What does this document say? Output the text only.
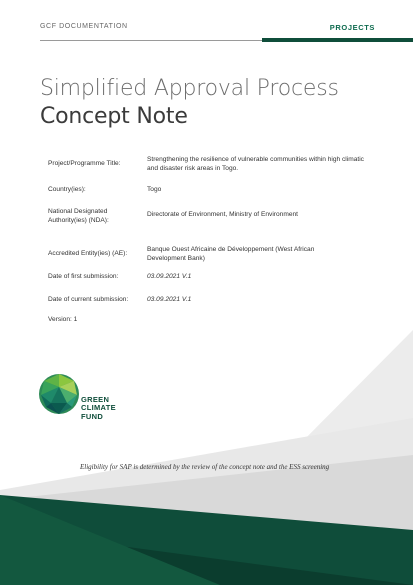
GCF DOCUMENTATION	PROJECTS
Simplified Approval Process
Concept Note
Project/Programme Title:
Strengthening the resilience of vulnerable communities within high climatic and disaster risk areas in Togo.
Country(ies):	Togo
National Designated Authority(ies) (NDA):
Directorate of Environment, Ministry of Environment
Accredited Entity(ies) (AE):
Banque Ouest Africaine de Développement (West African Development Bank)
Date of first submission:	03.09.2021 V.1
Date of current submission:	03.09.2021 V.1
Version: 1
GREEN
CLIMATE
FUND
Eligibility for SAP is determined by the review of the concept note and the ESS screening
